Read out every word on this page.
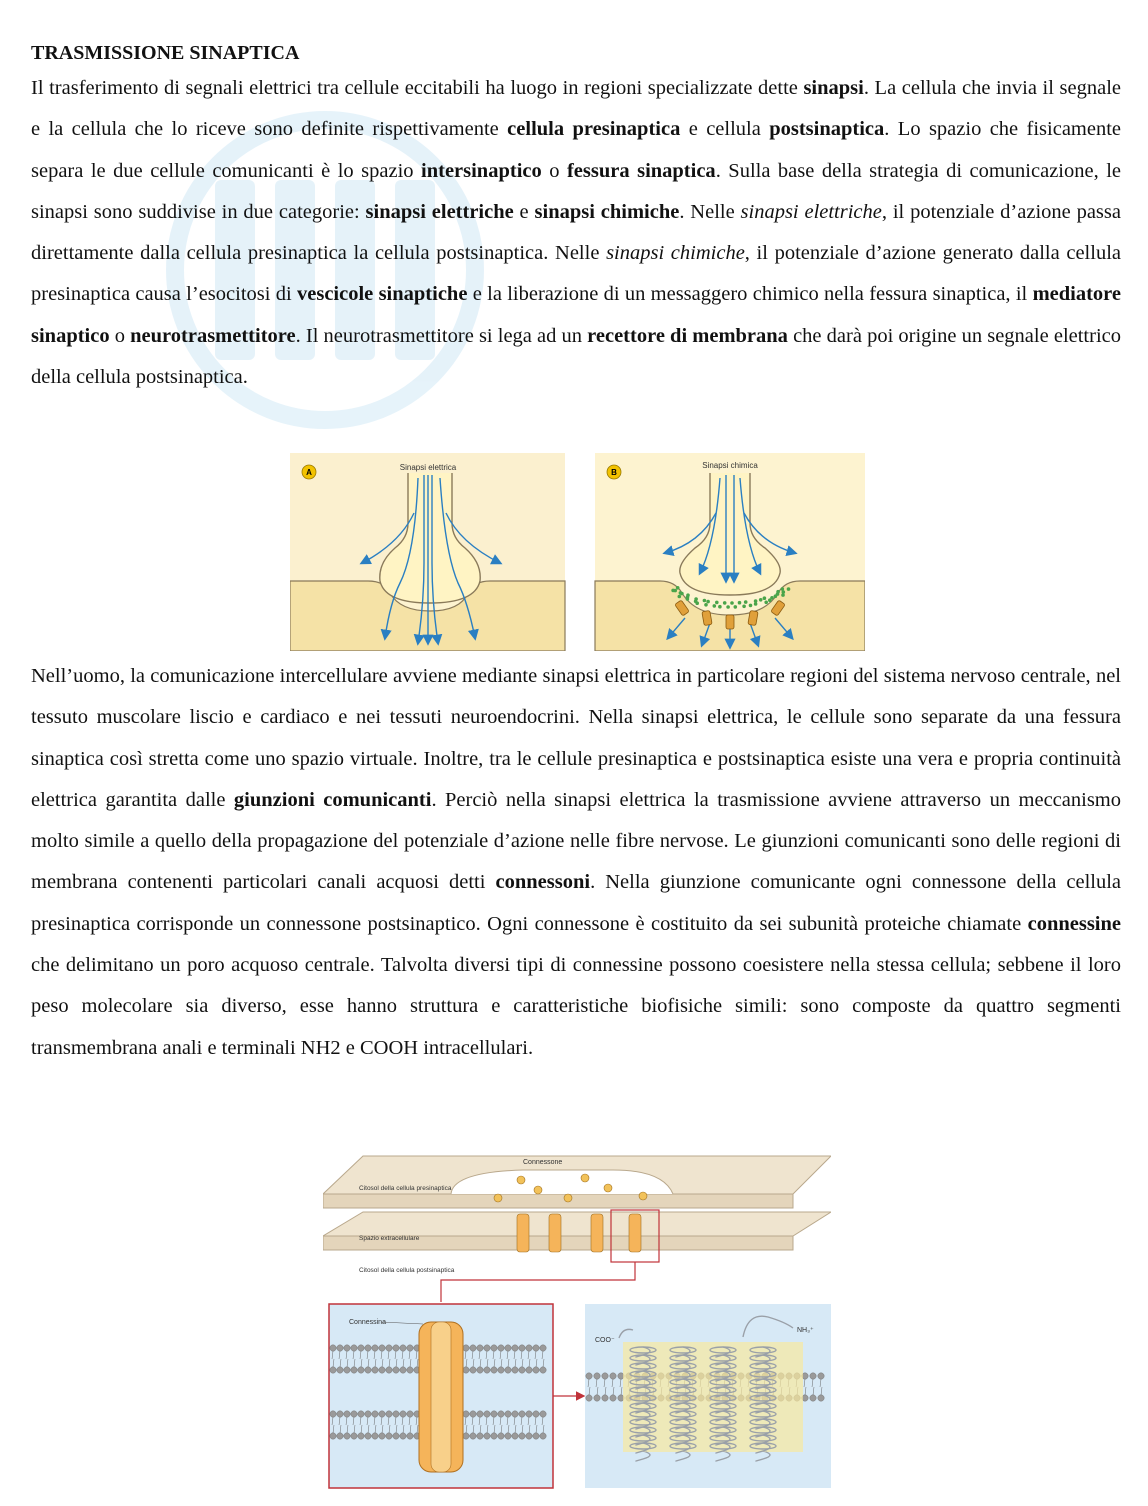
TRASMISSIONE SINAPTICA

Il trasferimento di segnali elettrici tra cellule eccitabili ha luogo in regioni specializzate dette sinapsi. La cellula che invia il segnale e la cellula che lo riceve sono definite rispettivamente cellula presinaptica e cellula postsinaptica. Lo spazio che fisicamente separa le due cellule comunicanti è lo spazio intersinaptico o fessura sinaptica. Sulla base della strategia di comunicazione, le sinapsi sono suddivise in due categorie: sinapsi elettriche e sinapsi chimiche. Nelle sinapsi elettriche, il potenziale d’azione passa direttamente dalla cellula presinaptica la cellula postsinaptica. Nelle sinapsi chimiche, il potenziale d’azione generato dalla cellula presinaptica causa l’esocitosi di vescicole sinaptiche e la liberazione di un messaggero chimico nella fessura sinaptica, il mediatore sinaptico o neurotrasmettitore. Il neurotrasmettitore si lega ad un recettore di membrana che darà poi origine un segnale elettrico della cellula postsinaptica.

A
Sinapsi elettrica
B
Sinapsi chimica

Nell’uomo, la comunicazione intercellulare avviene mediante sinapsi elettrica in particolare regioni del sistema nervoso centrale, nel tessuto muscolare liscio e cardiaco e nei tessuti neuroendocrini. Nella sinapsi elettrica, le cellule sono separate da una fessura sinaptica così stretta come uno spazio virtuale. Inoltre, tra le cellule presinaptica e postsinaptica esiste una vera e propria continuità elettrica garantita dalle giunzioni comunicanti. Perciò nella sinapsi elettrica la trasmissione avviene attraverso un meccanismo molto simile a quello della propagazione del potenziale d’azione nelle fibre nervose. Le giunzioni comunicanti sono delle regioni di membrana contenenti particolari canali acquosi detti connessoni. Nella giunzione comunicante ogni connessone della cellula presinaptica corrisponde un connessone postsinaptico. Ogni connessone è costituito da sei subunità proteiche chiamate connessine che delimitano un poro acquoso centrale. Talvolta diversi tipi di connessine possono coesistere nella stessa cellula; sebbene il loro peso molecolare sia diverso, esse hanno struttura e caratteristiche biofisiche simili: sono composte da quattro segmenti transmembrana anali e terminali NH2 e COOH intracellulari.

Connessone
Citosol della cellula presinaptica
Spazio extracellulare
Citosol della cellula postsinaptica
Connessina
COO⁻
NH₃⁺
